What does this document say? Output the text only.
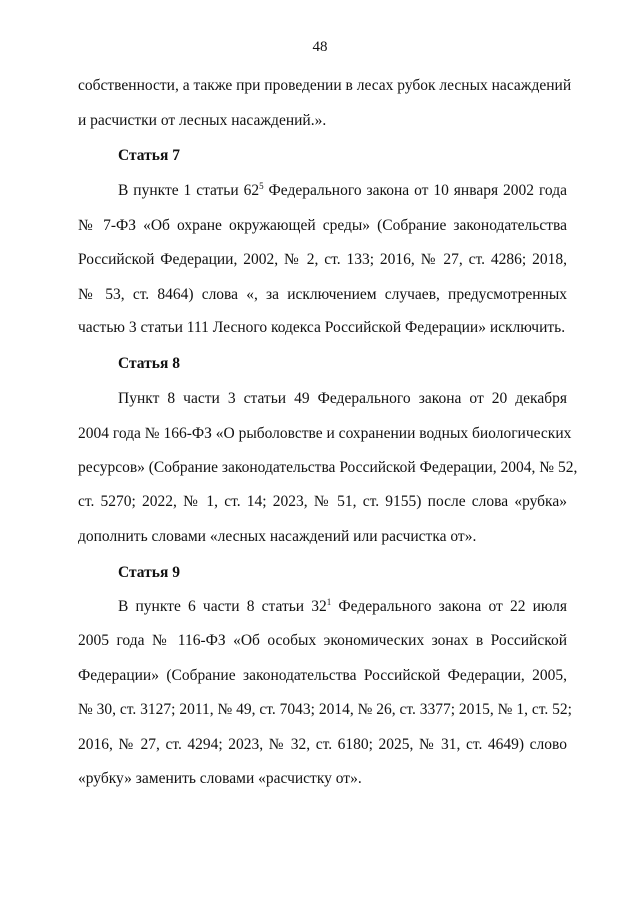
48
собственности, а также при проведении в лесах рубок лесных насаждений
и расчистки от лесных насаждений.».
Статья 7
В пункте 1 статьи $62^5$ Федерального закона от 10 января 2002 года
№ 7-ФЗ «Об охране окружающей среды» (Собрание законодательства
Российской Федерации, 2002, № 2, ст. 133; 2016, № 27, ст. 4286; 2018,
№ 53, ст. 8464) слова «, за исключением случаев, предусмотренных
частью 3 статьи 111 Лесного кодекса Российской Федерации» исключить.
Статья 8
Пункт 8 части 3 статьи 49 Федерального закона от 20 декабря
2004 года № 166-ФЗ «О рыболовстве и сохранении водных биологических
ресурсов» (Собрание законодательства Российской Федерации, 2004, № 52,
ст. 5270; 2022, № 1, ст. 14; 2023, № 51, ст. 9155) после слова «рубка»
дополнить словами «лесных насаждений или расчистка от».
Статья 9
В пункте 6 части 8 статьи $32^1$ Федерального закона от 22 июля
2005 года № 116-ФЗ «Об особых экономических зонах в Российской
Федерации» (Собрание законодательства Российской Федерации, 2005,
№ 30, ст. 3127; 2011, № 49, ст. 7043; 2014, № 26, ст. 3377; 2015, № 1, ст. 52;
2016, № 27, ст. 4294; 2023, № 32, ст. 6180; 2025, № 31, ст. 4649) слово
«рубку» заменить словами «расчистку от».
